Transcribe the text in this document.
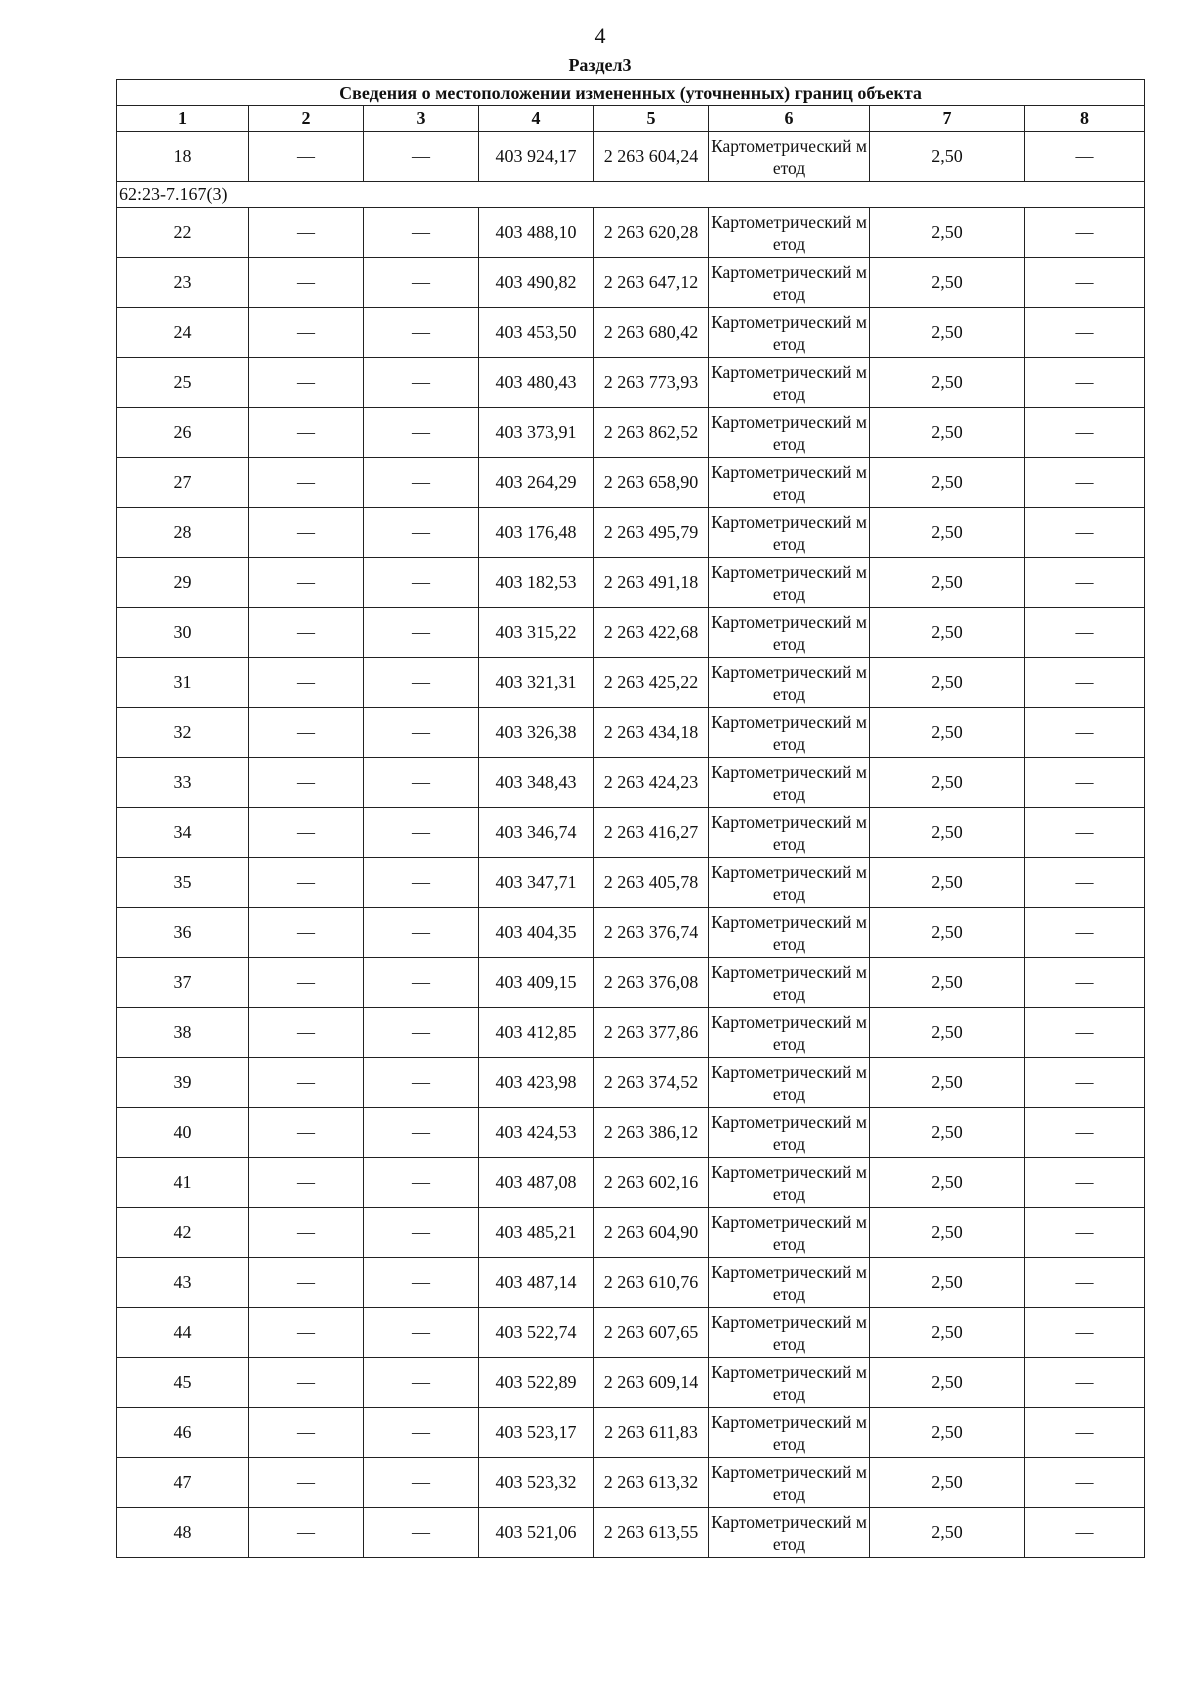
4
Раздел3
Сведения о местоположении измененных (уточненных) границ объекта							
1	2	3	4	5	6	7	8
18	—	—	403 924,17	2 263 604,24	Картометрический метод	2,50	—
62:23-7.167(3)							
22	—	—	403 488,10	2 263 620,28	Картометрический метод	2,50	—
23	—	—	403 490,82	2 263 647,12	Картометрический метод	2,50	—
24	—	—	403 453,50	2 263 680,42	Картометрический метод	2,50	—
25	—	—	403 480,43	2 263 773,93	Картометрический метод	2,50	—
26	—	—	403 373,91	2 263 862,52	Картометрический метод	2,50	—
27	—	—	403 264,29	2 263 658,90	Картометрический метод	2,50	—
28	—	—	403 176,48	2 263 495,79	Картометрический метод	2,50	—
29	—	—	403 182,53	2 263 491,18	Картометрический метод	2,50	—
30	—	—	403 315,22	2 263 422,68	Картометрический метод	2,50	—
31	—	—	403 321,31	2 263 425,22	Картометрический метод	2,50	—
32	—	—	403 326,38	2 263 434,18	Картометрический метод	2,50	—
33	—	—	403 348,43	2 263 424,23	Картометрический метод	2,50	—
34	—	—	403 346,74	2 263 416,27	Картометрический метод	2,50	—
35	—	—	403 347,71	2 263 405,78	Картометрический метод	2,50	—
36	—	—	403 404,35	2 263 376,74	Картометрический метод	2,50	—
37	—	—	403 409,15	2 263 376,08	Картометрический метод	2,50	—
38	—	—	403 412,85	2 263 377,86	Картометрический метод	2,50	—
39	—	—	403 423,98	2 263 374,52	Картометрический метод	2,50	—
40	—	—	403 424,53	2 263 386,12	Картометрический метод	2,50	—
41	—	—	403 487,08	2 263 602,16	Картометрический метод	2,50	—
42	—	—	403 485,21	2 263 604,90	Картометрический метод	2,50	—
43	—	—	403 487,14	2 263 610,76	Картометрический метод	2,50	—
44	—	—	403 522,74	2 263 607,65	Картометрический метод	2,50	—
45	—	—	403 522,89	2 263 609,14	Картометрический метод	2,50	—
46	—	—	403 523,17	2 263 611,83	Картометрический метод	2,50	—
47	—	—	403 523,32	2 263 613,32	Картометрический метод	2,50	—
48	—	—	403 521,06	2 263 613,55	Картометрический метод	2,50	—
